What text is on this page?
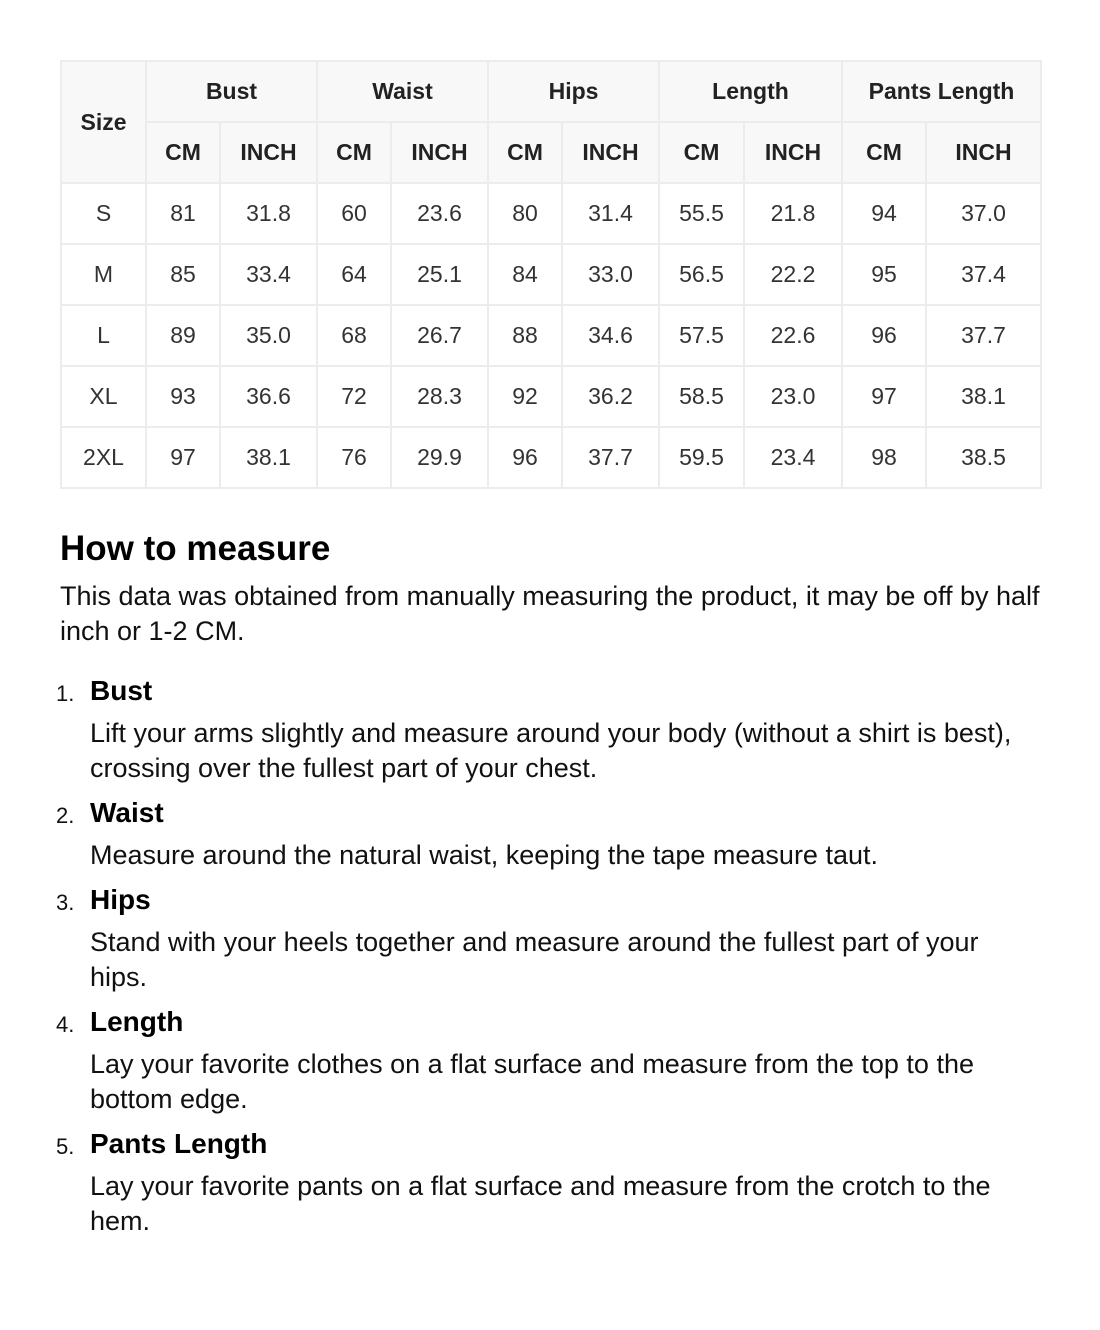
Size	Bust		Waist		Hips		Length		Pants Length	
	CM	INCH	CM	INCH	CM	INCH	CM	INCH	CM	INCH
S	81	31.8	60	23.6	80	31.4	55.5	21.8	94	37.0
M	85	33.4	64	25.1	84	33.0	56.5	22.2	95	37.4
L	89	35.0	68	26.7	88	34.6	57.5	22.6	96	37.7
XL	93	36.6	72	28.3	92	36.2	58.5	23.0	97	38.1
2XL	97	38.1	76	29.9	96	37.7	59.5	23.4	98	38.5
How to measure

This data was obtained from manually measuring the product, it may be off by half inch or 1-2 CM.

1. Bust
Lift your arms slightly and measure around your body (without a shirt is best), crossing over the fullest part of your chest.
2. Waist
Measure around the natural waist, keeping the tape measure taut.
3. Hips
Stand with your heels together and measure around the fullest part of your hips.
4. Length
Lay your favorite clothes on a flat surface and measure from the top to the bottom edge.
5. Pants Length
Lay your favorite pants on a flat surface and measure from the crotch to the hem.
